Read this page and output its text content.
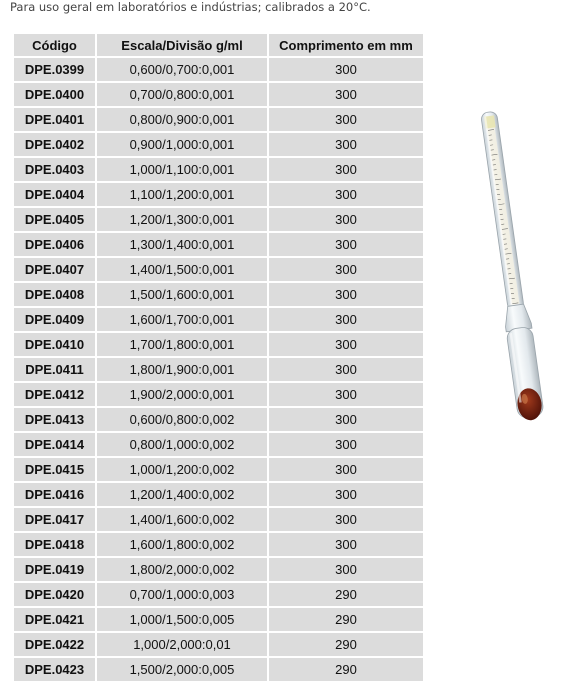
Para uso geral em laboratórios e indústrias; calibrados a 20°C.
Código	Escala/Divisão g/ml	Comprimento em mm
DPE.0399	0,600/0,700:0,001	300
DPE.0400	0,700/0,800:0,001	300
DPE.0401	0,800/0,900:0,001	300
DPE.0402	0,900/1,000:0,001	300
DPE.0403	1,000/1,100:0,001	300
DPE.0404	1,100/1,200:0,001	300
DPE.0405	1,200/1,300:0,001	300
DPE.0406	1,300/1,400:0,001	300
DPE.0407	1,400/1,500:0,001	300
DPE.0408	1,500/1,600:0,001	300
DPE.0409	1,600/1,700:0,001	300
DPE.0410	1,700/1,800:0,001	300
DPE.0411	1,800/1,900:0,001	300
DPE.0412	1,900/2,000:0,001	300
DPE.0413	0,600/0,800:0,002	300
DPE.0414	0,800/1,000:0,002	300
DPE.0415	1,000/1,200:0,002	300
DPE.0416	1,200/1,400:0,002	300
DPE.0417	1,400/1,600:0,002	300
DPE.0418	1,600/1,800:0,002	300
DPE.0419	1,800/2,000:0,002	300
DPE.0420	0,700/1,000:0,003	290
DPE.0421	1,000/1,500:0,005	290
DPE.0422	1,000/2,000:0,01	290
DPE.0423	1,500/2,000:0,005	290
